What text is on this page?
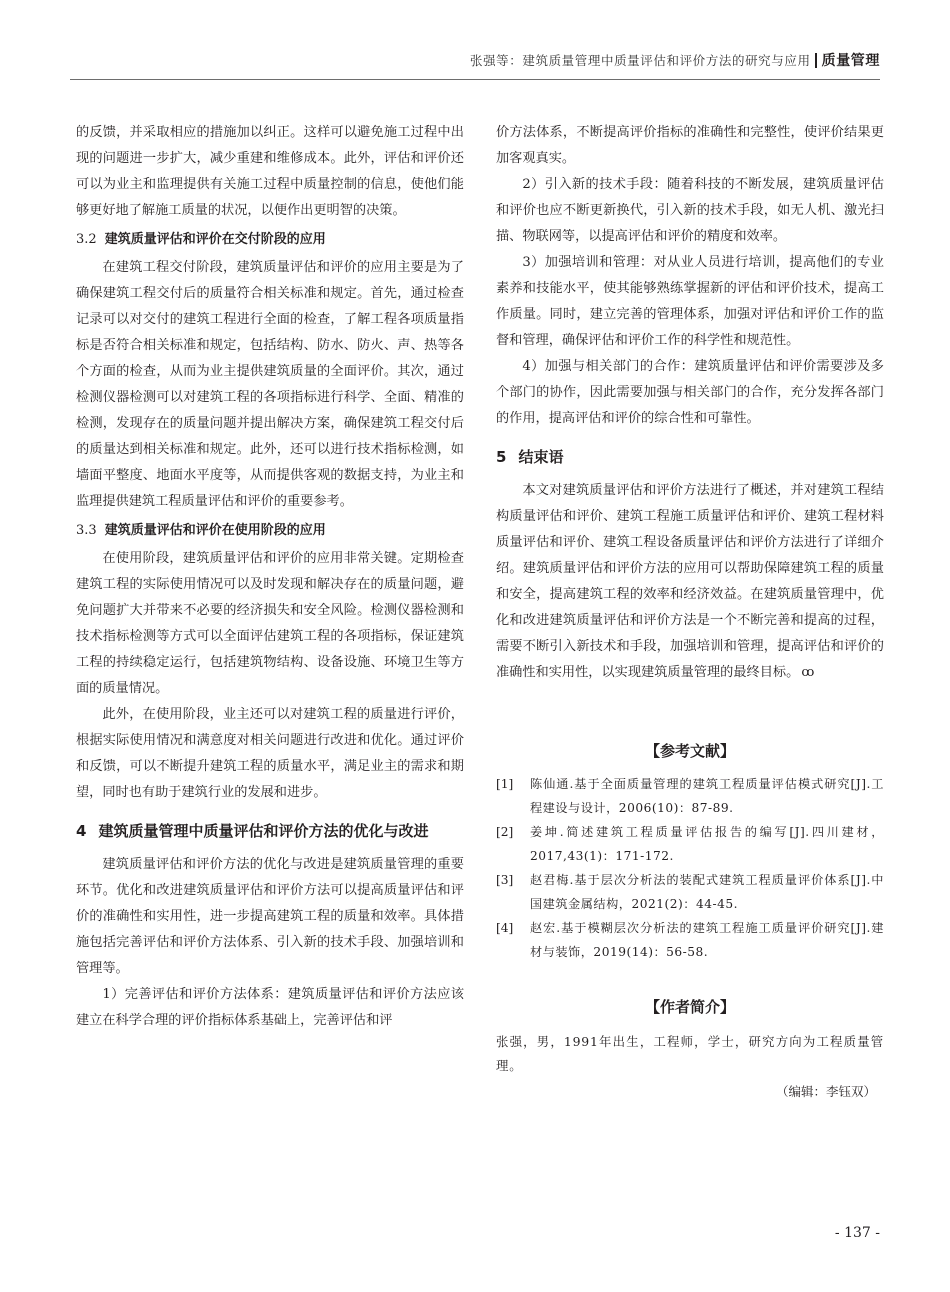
张强等：建筑质量管理中质量评估和评价方法的研究与应用 质量管理

的反馈，并采取相应的措施加以纠正。这样可以避免施工过程中出现的问题进一步扩大，减少重建和维修成本。此外，评估和评价还可以为业主和监理提供有关施工过程中质量控制的信息，使他们能够更好地了解施工质量的状况，以便作出更明智的决策。

3.2 建筑质量评估和评价在交付阶段的应用

在建筑工程交付阶段，建筑质量评估和评价的应用主要是为了确保建筑工程交付后的质量符合相关标准和规定。首先，通过检查记录可以对交付的建筑工程进行全面的检查，了解工程各项质量指标是否符合相关标准和规定，包括结构、防水、防火、声、热等各个方面的检查，从而为业主提供建筑质量的全面评价。其次，通过检测仪器检测可以对建筑工程的各项指标进行科学、全面、精准的检测，发现存在的质量问题并提出解决方案，确保建筑工程交付后的质量达到相关标准和规定。此外，还可以进行技术指标检测，如墙面平整度、地面水平度等，从而提供客观的数据支持，为业主和监理提供建筑工程质量评估和评价的重要参考。

3.3 建筑质量评估和评价在使用阶段的应用

在使用阶段，建筑质量评估和评价的应用非常关键。定期检查建筑工程的实际使用情况可以及时发现和解决存在的质量问题，避免问题扩大并带来不必要的经济损失和安全风险。检测仪器检测和技术指标检测等方式可以全面评估建筑工程的各项指标，保证建筑工程的持续稳定运行，包括建筑物结构、设备设施、环境卫生等方面的质量情况。

此外，在使用阶段，业主还可以对建筑工程的质量进行评价，根据实际使用情况和满意度对相关问题进行改进和优化。通过评价和反馈，可以不断提升建筑工程的质量水平，满足业主的需求和期望，同时也有助于建筑行业的发展和进步。

4 建筑质量管理中质量评估和评价方法的优化与改进

建筑质量评估和评价方法的优化与改进是建筑质量管理的重要环节。优化和改进建筑质量评估和评价方法可以提高质量评估和评价的准确性和实用性，进一步提高建筑工程的质量和效率。具体措施包括完善评估和评价方法体系、引入新的技术手段、加强培训和管理等。

1）完善评估和评价方法体系：建筑质量评估和评价方法应该建立在科学合理的评价指标体系基础上，完善评估和评

价方法体系，不断提高评价指标的准确性和完整性，使评价结果更加客观真实。

2）引入新的技术手段：随着科技的不断发展，建筑质量评估和评价也应不断更新换代，引入新的技术手段，如无人机、激光扫描、物联网等，以提高评估和评价的精度和效率。

3）加强培训和管理：对从业人员进行培训，提高他们的专业素养和技能水平，使其能够熟练掌握新的评估和评价技术，提高工作质量。同时，建立完善的管理体系，加强对评估和评价工作的监督和管理，确保评估和评价工作的科学性和规范性。

4）加强与相关部门的合作：建筑质量评估和评价需要涉及多个部门的协作，因此需要加强与相关部门的合作，充分发挥各部门的作用，提高评估和评价的综合性和可靠性。

5 结束语

本文对建筑质量评估和评价方法进行了概述，并对建筑工程结构质量评估和评价、建筑工程施工质量评估和评价、建筑工程材料质量评估和评价、建筑工程设备质量评估和评价方法进行了详细介绍。建筑质量评估和评价方法的应用可以帮助保障建筑工程的质量和安全，提高建筑工程的效率和经济效益。在建筑质量管理中，优化和改进建筑质量评估和评价方法是一个不断完善和提高的过程，需要不断引入新技术和手段，加强培训和管理，提高评估和评价的准确性和实用性，以实现建筑质量管理的最终目标。 ꝏ

【参考文献】

[1]	陈仙通.基于全面质量管理的建筑工程质量评估模式研究[J].工程建设与设计，2006(10)：87-89.
[2]	姜坤.简述建筑工程质量评估报告的编写[J].四川建材，2017,43(1)：171-172.
[3]	赵君梅.基于层次分析法的装配式建筑工程质量评价体系[J].中国建筑金属结构，2021(2)：44-45.
[4]	赵宏.基于模糊层次分析法的建筑工程施工质量评价研究[J].建材与装饰，2019(14)：56-58.

【作者简介】

张强，男，1991年出生，工程师，学士，研究方向为工程质量管理。

（编辑：李钰双）

- 137 -
